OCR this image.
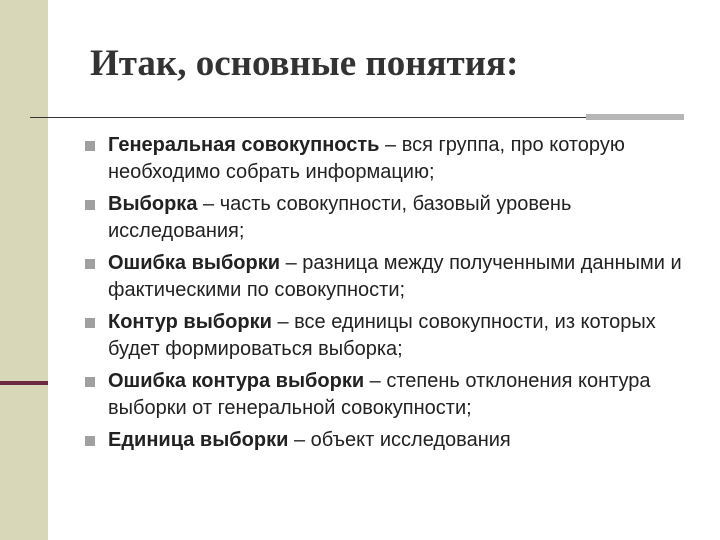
Итак, основные понятия:
Генеральная совокупность – вся группа, про которую необходимо собрать информацию;
Выборка – часть совокупности, базовый уровень исследования;
Ошибка выборки – разница между полученными данными и фактическими по совокупности;
Контур выборки – все единицы совокупности, из которых будет формироваться выборка;
Ошибка контура выборки – степень отклонения контура выборки от генеральной совокупности;
Единица выборки – объект исследования
